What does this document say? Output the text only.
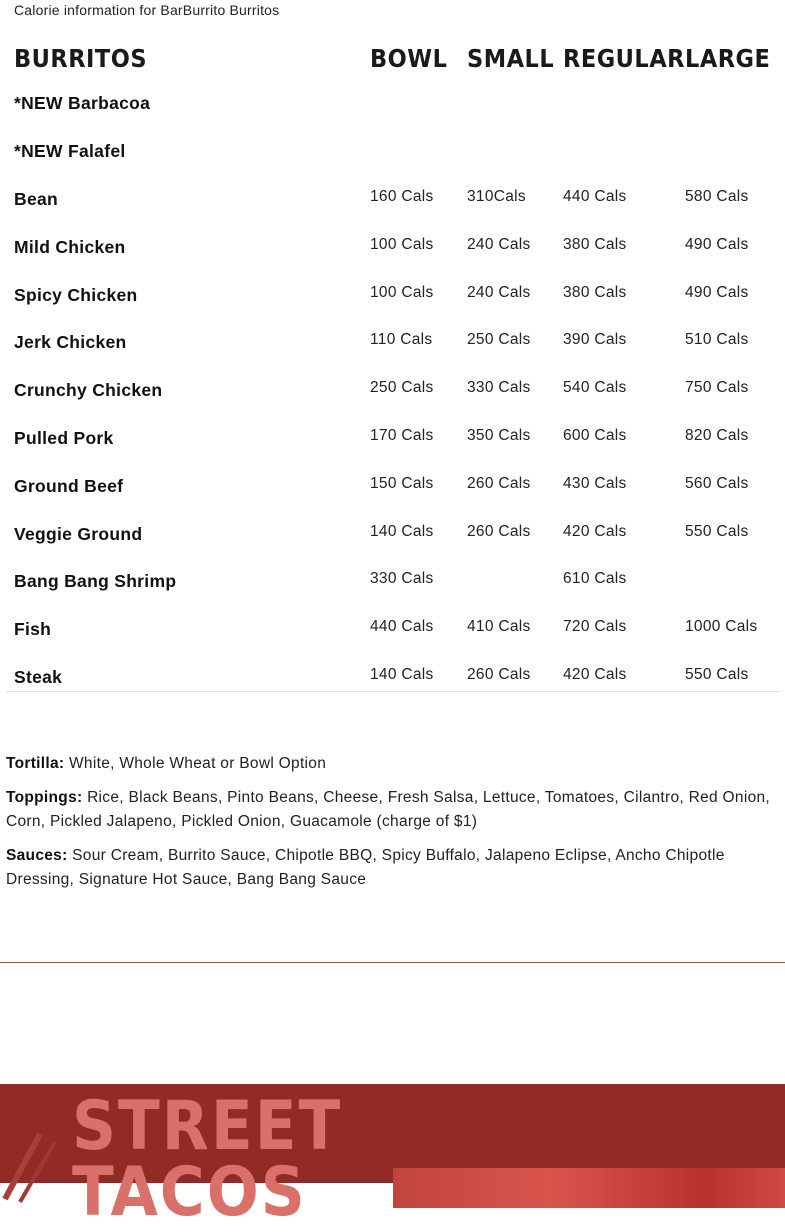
Calorie information for BarBurrito Burritos
BURRITOS	BOWL	SMALL	REGULAR	LARGE
*NEW Barbacoa				
*NEW Falafel				
Bean	160 Cals	310Cals	440 Cals	580 Cals
Mild Chicken	100 Cals	240 Cals	380 Cals	490 Cals
Spicy Chicken	100 Cals	240 Cals	380 Cals	490 Cals
Jerk Chicken	110 Cals	250 Cals	390 Cals	510 Cals
Crunchy Chicken	250 Cals	330 Cals	540 Cals	750 Cals
Pulled Pork	170 Cals	350 Cals	600 Cals	820 Cals
Ground Beef	150 Cals	260 Cals	430 Cals	560 Cals
Veggie Ground	140 Cals	260 Cals	420 Cals	550 Cals
Bang Bang Shrimp	330 Cals		610 Cals	
Fish	440 Cals	410 Cals	720 Cals	1000 Cals
Steak	140 Cals	260 Cals	420 Cals	550 Cals

Tortilla: White, Whole Wheat or Bowl Option

Toppings: Rice, Black Beans, Pinto Beans, Cheese, Fresh Salsa, Lettuce, Tomatoes, Cilantro, Red Onion, Corn, Pickled Jalapeno, Pickled Onion, Guacamole (charge of $1)

Sauces: Sour Cream, Burrito Sauce, Chipotle BBQ, Spicy Buffalo, Jalapeno Eclipse, Ancho Chipotle Dressing, Signature Hot Sauce, Bang Bang Sauce

STREET
TACOS
